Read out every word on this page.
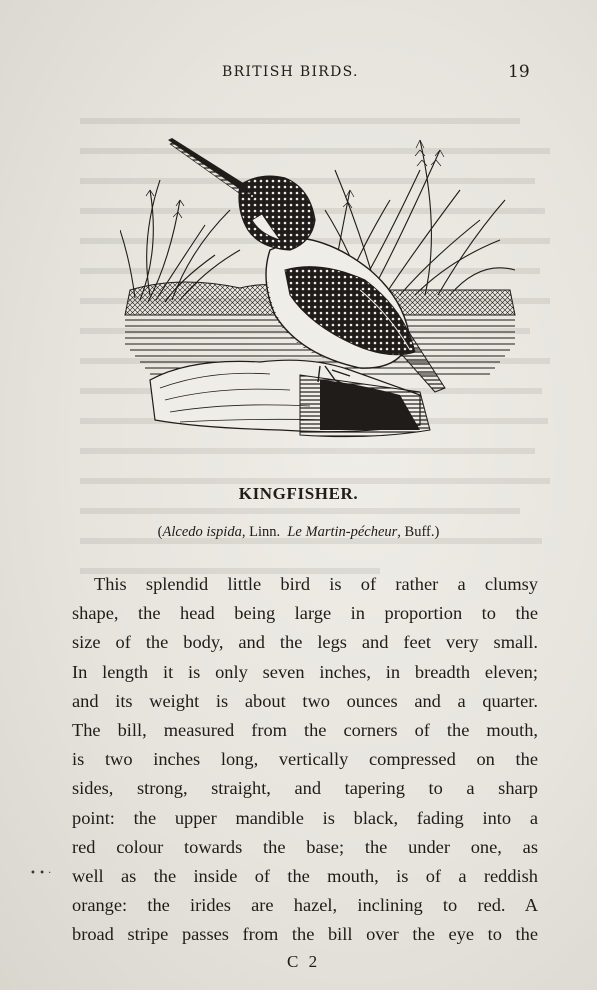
BRITISH BIRDS.	19
KINGFISHER.
(Alcedo ispida, Linn. Le Martin-pécheur, Buff.)
This splendid little bird is of rather a clumsy
shape, the head being large in proportion to the
size of the body, and the legs and feet very small.
In length it is only seven inches, in breadth eleven;
and its weight is about two ounces and a quarter.
The bill, measured from the corners of the mouth,
is two inches long, vertically compressed on the
sides, strong, straight, and tapering to a sharp
point: the upper mandible is black, fading into a
red colour towards the base; the under one, as
well as the inside of the mouth, is of a reddish
orange: the irides are hazel, inclining to red. A
broad stripe passes from the bill over the eye to the
• • ·
C 2
